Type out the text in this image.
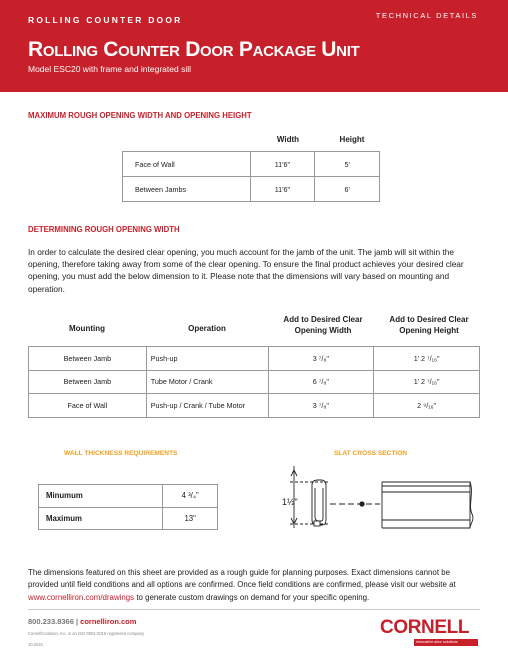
ROLLING COUNTER DOOR	TECHNICAL DETAILS
Rolling Counter Door Package Unit
Model ESC20 with frame and integrated sill
MAXIMUM ROUGH OPENING WIDTH AND OPENING HEIGHT
Width	Height
Face of Wall	11'6"	5'
Between Jambs	11'6"	6'
DETERMINING ROUGH OPENING WIDTH
In order to calculate the desired clear opening, you much account for the jamb of the unit. The jamb will sit within the opening, therefore taking away from some of the clear opening. To ensure the final product achieves your desired clear opening, you must add the below dimension to it. Please note that the dimensions will vary based on mounting and operation.
Mounting	Operation
Add to Desired Clear Opening Width
Add to Desired Clear Opening Height
Between Jamb	Push-up	3 ⁷/₈"	1' 2 ⁷/₁₆"
Between Jamb	Tube Motor / Crank	6 ⁷/₈"	1' 2 ⁷/₁₆"
Face of Wall	Push-up / Crank / Tube Motor	3 ⁷/₈"	2 ⁹/₁₆"
WALL THICKNESS REQUIREMENTS
Minumum	4 ³/₄"
Maximum	13"
SLAT CROSS SECTION
1½"
The dimensions featured on this sheet are provided as a rough guide for planning purposes. Exact dimensions cannot be provided until field conditions and all options are confirmed. Once field conditions are confirmed, please visit our website at www.cornelliron.com/drawings to generate custom drawings on demand for your specific opening.
800.233.8366 | cornelliron.com
CornellCookson, Inc. is an ISO 9001:2015 registered company
10.2021
CORNELL
innovative door solutions
